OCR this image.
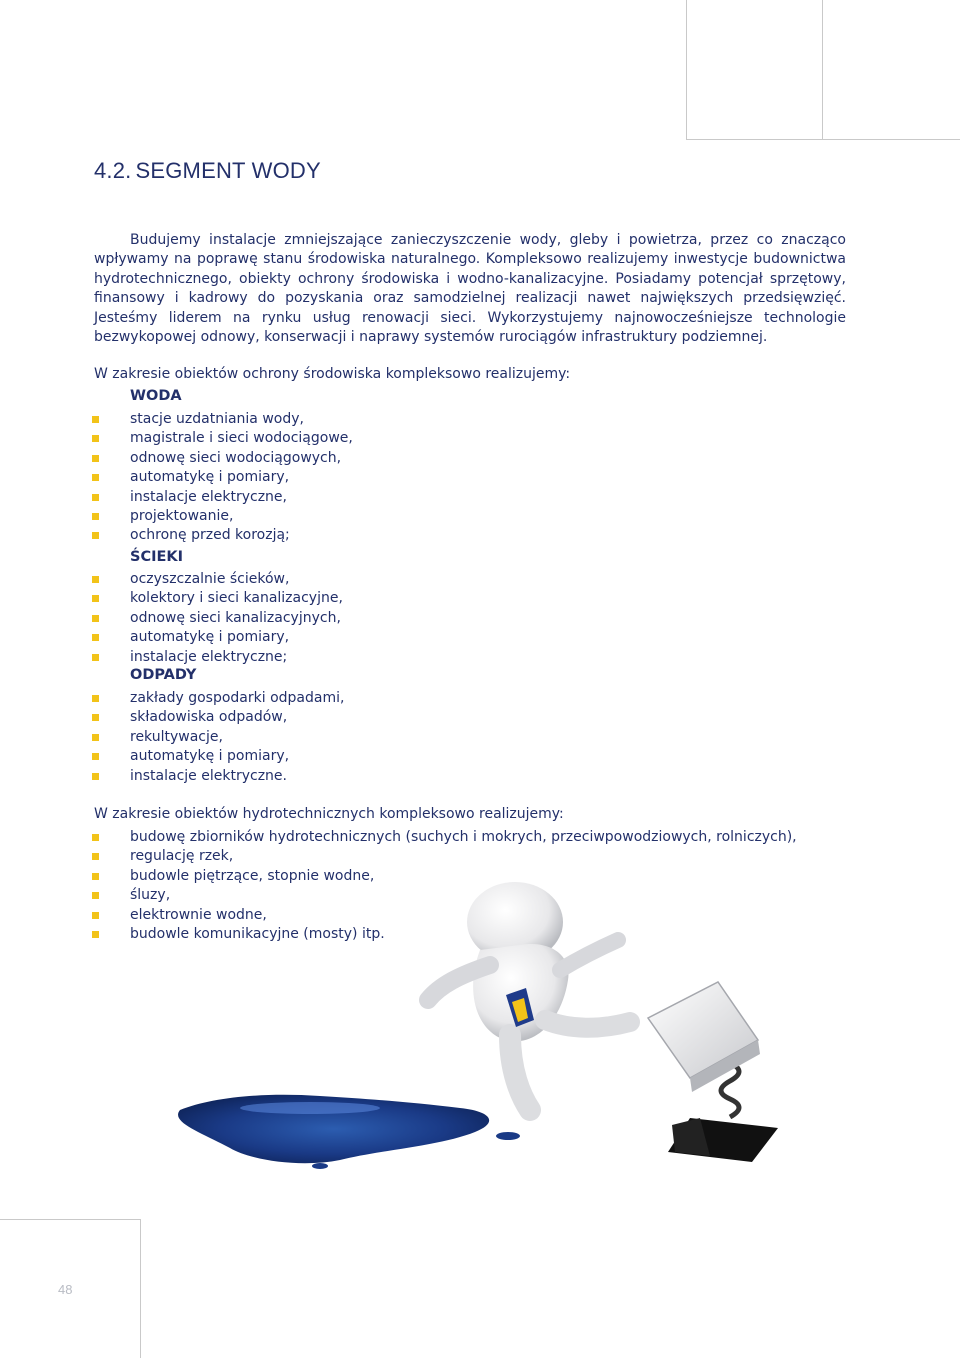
4.2. SEGMENT WODY

Budujemy instalacje zmniejszające zanieczyszczenie wody, gleby i powietrza, przez co znacząco wpływamy na poprawę stanu środowiska naturalnego. Kompleksowo realizujemy inwestycje budownictwa hydrotechnicznego, obiekty ochrony środowiska i wodno-kanalizacyjne. Posiadamy potencjał sprzętowy, finansowy i kadrowy do pozyskania oraz samodzielnej realizacji nawet największych przedsięwzięć. Jesteśmy liderem na rynku usług renowacji sieci. Wykorzystujemy najnowocześniejsze technologie bezwykopowej odnowy, konserwacji i naprawy systemów rurociągów infrastruktury podziemnej.

W zakresie obiektów ochrony środowiska kompleksowo realizujemy:

WODA

stacje uzdatniania wody,
magistrale i sieci wodociągowe,
odnowę sieci wodociągowych,
automatykę i pomiary,
instalacje elektryczne,
projektowanie,
ochronę przed korozją;

ŚCIEKI

oczyszczalnie ścieków,
kolektory i sieci kanalizacyjne,
odnowę sieci kanalizacyjnych,
automatykę i pomiary,
instalacje elektryczne;

ODPADY

zakłady gospodarki odpadami,
składowiska odpadów,
rekultywacje,
automatykę i pomiary,
instalacje elektryczne.

W zakresie obiektów hydrotechnicznych kompleksowo realizujemy:

budowę zbiorników hydrotechnicznych (suchych i mokrych, przeciwpowodziowych, rolniczych),
regulację rzek,
budowle piętrzące, stopnie wodne,
śluzy,
elektrownie wodne,
budowle komunikacyjne (mosty) itp.
48
